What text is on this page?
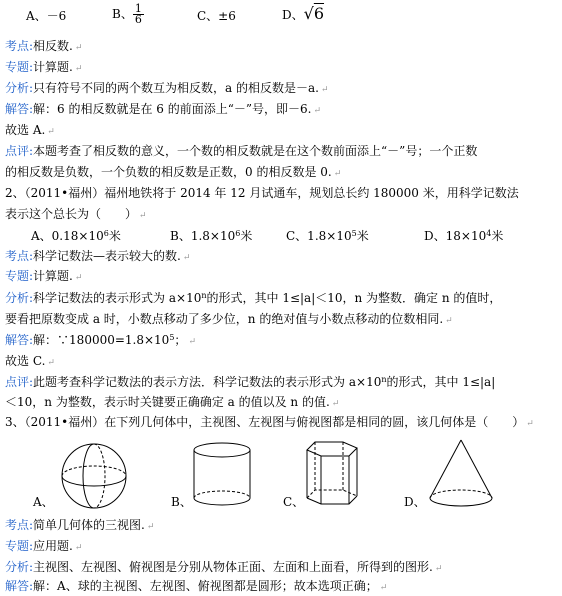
A、－6	B、 $\frac{1}{6}$	C、±6	D、√6
考点:相反数. ↵
专题:计算题. ↵
分析:只有符号不同的两个数互为相反数，a 的相反数是－a. ↵
解答:解：6 的相反数就是在 6 的前面添上“－”号，即－6. ↵
故选 A. ↵
点评:本题考查了相反数的意义，一个数的相反数就是在这个数前面添上“－”号；一个正数
的相反数是负数，一个负数的相反数是正数，0 的相反数是 0. ↵
2、（2011•福州）福州地铁将于 2014 年 12 月试通车，规划总长约 180000 米，用科学记数法
表示这个总长为（　　） ↵
A、$0.18\times 10^6$米	B、$1.8\times 10^6$米	C、$1.8\times 10^5$米	D、$18\times 10^4$米
考点:科学记数法—表示较大的数. ↵
专题:计算题. ↵
分析:科学记数法的表示形式为 $a\times 10^n$的形式，其中 1≤|a|＜10，n 为整数．确定 n 的值时，
要看把原数变成 a 时，小数点移动了多少位，n 的绝对值与小数点移动的位数相同. ↵
解答:解：$\because 180000=1.8\times 10^5$； ↵
故选 C. ↵
点评:此题考查科学记数法的表示方法．科学记数法的表示形式为 $a\times 10^n$的形式，其中 1≤|a|
＜10，n 为整数，表示时关键要正确确定 a 的值以及 n 的值. ↵
3、（2011•福州）在下列几何体中，主视图、左视图与俯视图都是相同的圆，该几何体是（　　） ↵
A、	B、	C、	D、
考点:简单几何体的三视图. ↵
专题:应用题. ↵
分析:主视图、左视图、俯视图是分别从物体正面、左面和上面看，所得到的图形. ↵
解答:解：A、球的主视图、左视图、俯视图都是圆形；故本选项正确； ↵
